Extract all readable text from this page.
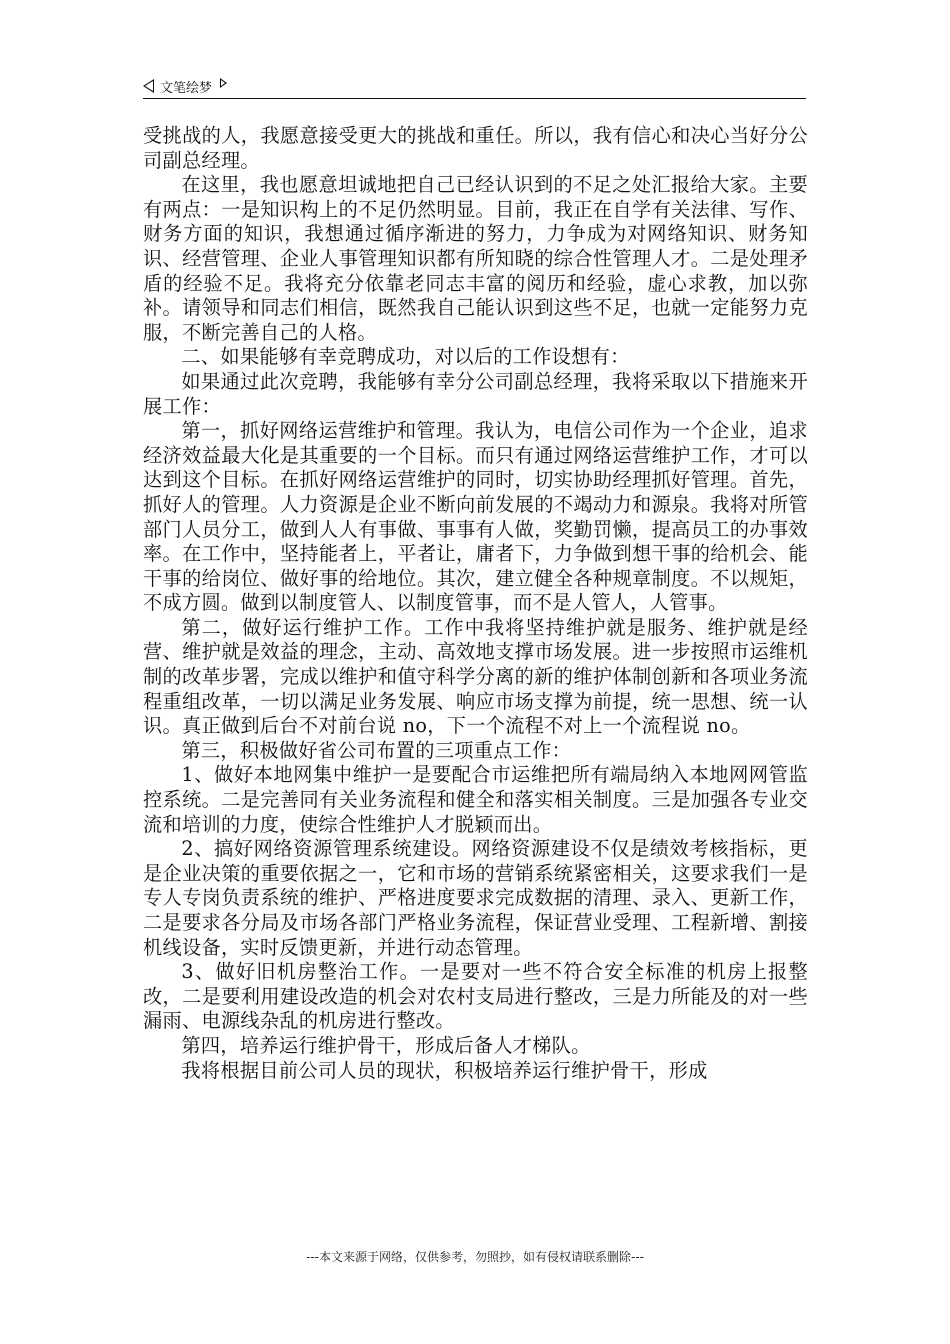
文笔绘梦

受挑战的人，我愿意接受更大的挑战和重任。所以，我有信心和决心当好分公司副总经理。

在这里，我也愿意坦诚地把自己已经认识到的不足之处汇报给大家。主要有两点：一是知识构上的不足仍然明显。目前，我正在自学有关法律、写作、财务方面的知识，我想通过循序渐进的努力，力争成为对网络知识、财务知识、经营管理、企业人事管理知识都有所知晓的综合性管理人才。二是处理矛盾的经验不足。我将充分依靠老同志丰富的阅历和经验，虚心求教，加以弥补。请领导和同志们相信，既然我自己能认识到这些不足，也就一定能努力克服，不断完善自己的人格。

二、如果能够有幸竞聘成功，对以后的工作设想有：

如果通过此次竞聘，我能够有幸分公司副总经理，我将采取以下措施来开展工作：

第一，抓好网络运营维护和管理。我认为，电信公司作为一个企业，追求经济效益最大化是其重要的一个目标。而只有通过网络运营维护工作，才可以达到这个目标。在抓好网络运营维护的同时，切实协助经理抓好管理。首先，抓好人的管理。人力资源是企业不断向前发展的不竭动力和源泉。我将对所管部门人员分工，做到人人有事做、事事有人做，奖勤罚懒，提高员工的办事效率。在工作中，坚持能者上，平者让，庸者下，力争做到想干事的给机会、能干事的给岗位、做好事的给地位。其次，建立健全各种规章制度。不以规矩，不成方圆。做到以制度管人、以制度管事，而不是人管人，人管事。

第二，做好运行维护工作。工作中我将坚持维护就是服务、维护就是经营、维护就是效益的理念，主动、高效地支撑市场发展。进一步按照市运维机制的改革步署，完成以维护和值守科学分离的新的维护体制创新和各项业务流程重组改革，一切以满足业务发展、响应市场支撑为前提，统一思想、统一认识。真正做到后台不对前台说 no，下一个流程不对上一个流程说 no。

第三，积极做好省公司布置的三项重点工作：

1、做好本地网集中维护一是要配合市运维把所有端局纳入本地网网管监控系统。二是完善同有关业务流程和健全和落实相关制度。三是加强各专业交流和培训的力度，使综合性维护人才脱颖而出。

2、搞好网络资源管理系统建设。网络资源建设不仅是绩效考核指标，更是企业决策的重要依据之一，它和市场的营销系统紧密相关，这要求我们一是专人专岗负责系统的维护、严格进度要求完成数据的清理、录入、更新工作，二是要求各分局及市场各部门严格业务流程，保证营业受理、工程新增、割接机线设备，实时反馈更新，并进行动态管理。

3、做好旧机房整治工作。一是要对一些不符合安全标准的机房上报整改，二是要利用建设改造的机会对农村支局进行整改，三是力所能及的对一些漏雨、电源线杂乱的机房进行整改。

第四，培养运行维护骨干，形成后备人才梯队。

我将根据目前公司人员的现状，积极培养运行维护骨干，形成

---本文来源于网络，仅供参考，勿照抄，如有侵权请联系删除---
